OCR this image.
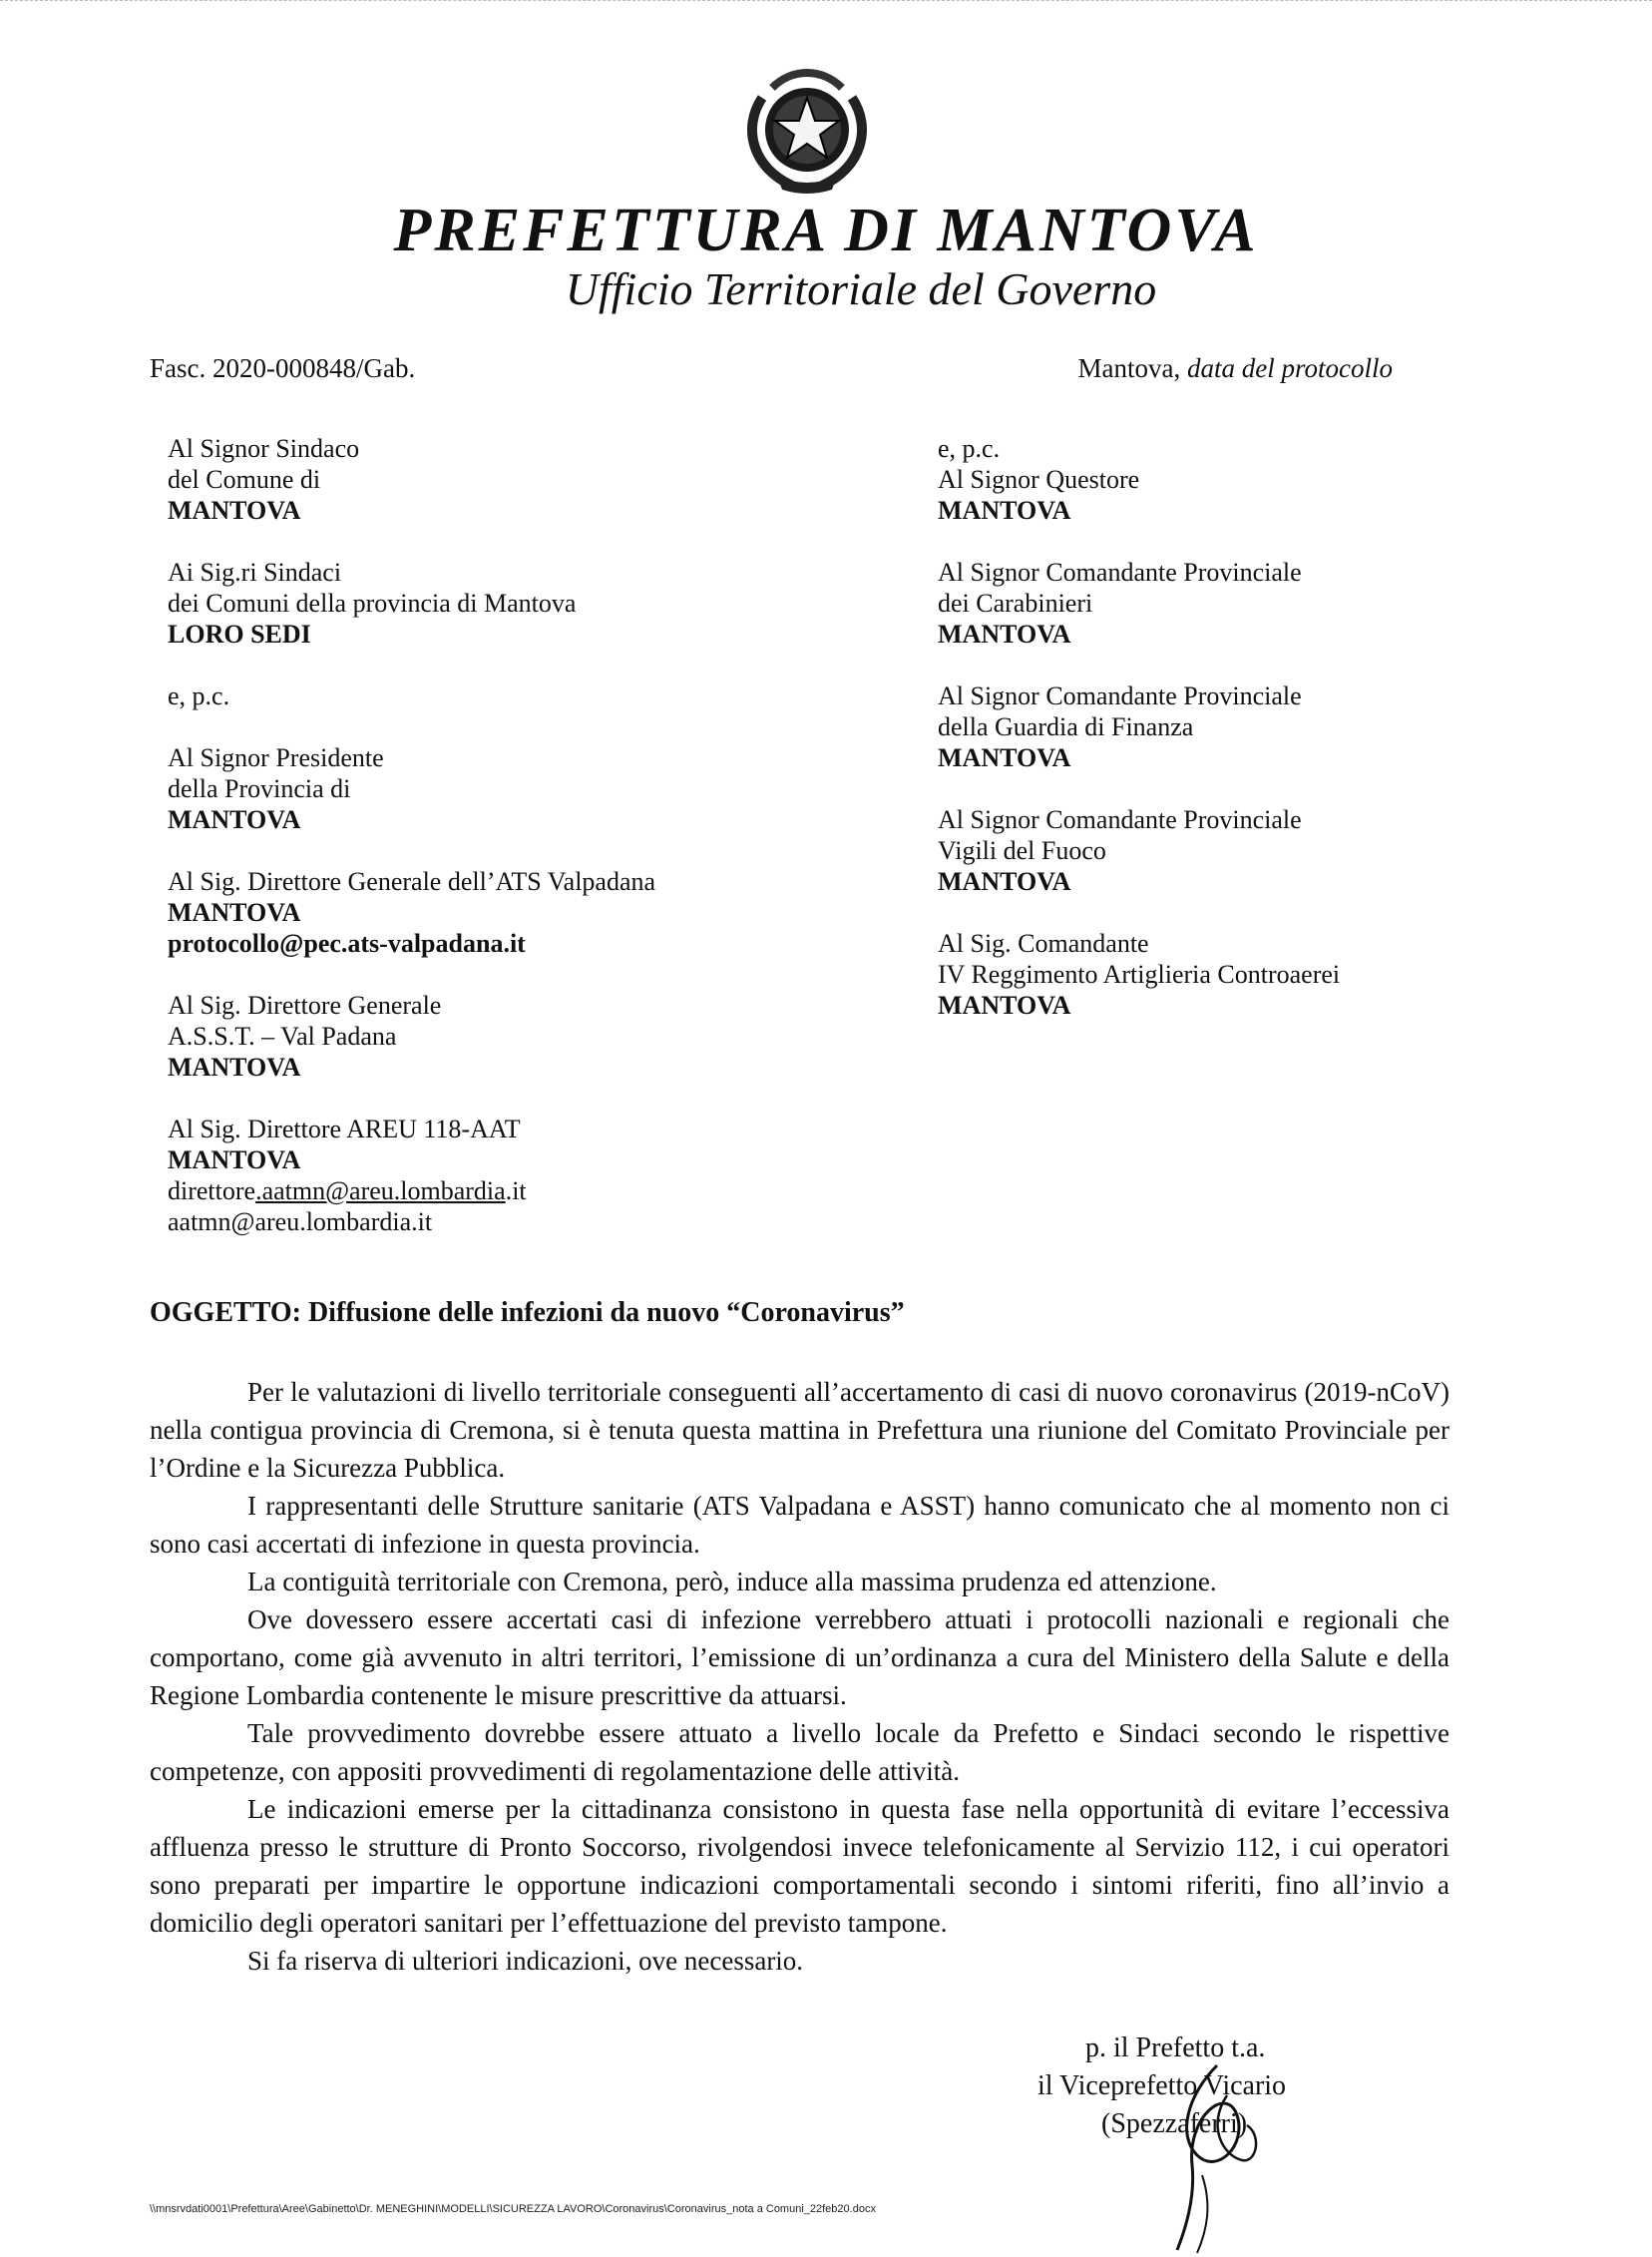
PREFETTURA DI MANTOVA
Ufficio Territoriale del Governo
Fasc. 2020-000848/Gab.	Mantova, data del protocollo
Al Signor Sindaco
del Comune di
MANTOVA
Ai Sig.ri Sindaci
dei Comuni della provincia di Mantova
LORO SEDI
e, p.c.
Al Signor Presidente
della Provincia di
MANTOVA
Al Sig. Direttore Generale dell’ATS Valpadana
MANTOVA
protocollo@pec.ats-valpadana.it
Al Sig. Direttore Generale
A.S.S.T. – Val Padana
MANTOVA
Al Sig. Direttore AREU 118-AAT
MANTOVA
direttore.aatmn@areu.lombardia.it
aatmn@areu.lombardia.it
e, p.c.
Al Signor Questore
MANTOVA
Al Signor Comandante Provinciale
dei Carabinieri
MANTOVA
Al Signor Comandante Provinciale
della Guardia di Finanza
MANTOVA
Al Signor Comandante Provinciale
Vigili del Fuoco
MANTOVA
Al Sig. Comandante
IV Reggimento Artiglieria Controaerei
MANTOVA
OGGETTO: Diffusione delle infezioni da nuovo “Coronavirus”

Per le valutazioni di livello territoriale conseguenti all’accertamento di casi di nuovo coronavirus (2019-nCoV) nella contigua provincia di Cremona, si è tenuta questa mattina in Prefettura una riunione del Comitato Provinciale per l’Ordine e la Sicurezza Pubblica.

I rappresentanti delle Strutture sanitarie (ATS Valpadana e ASST) hanno comunicato che al momento non ci sono casi accertati di infezione in questa provincia.

La contiguità territoriale con Cremona, però, induce alla massima prudenza ed attenzione.

Ove dovessero essere accertati casi di infezione verrebbero attuati i protocolli nazionali e regionali che comportano, come già avvenuto in altri territori, l’emissione di un’ordinanza a cura del Ministero della Salute e della Regione Lombardia contenente le misure prescrittive da attuarsi.

Tale provvedimento dovrebbe essere attuato a livello locale da Prefetto e Sindaci secondo le rispettive competenze, con appositi provvedimenti di regolamentazione delle attività.

Le indicazioni emerse per la cittadinanza consistono in questa fase nella opportunità di evitare l’eccessiva affluenza presso le strutture di Pronto Soccorso, rivolgendosi invece telefonicamente al Servizio 112, i cui operatori sono preparati per impartire le opportune indicazioni comportamentali secondo i sintomi riferiti, fino all’invio a domicilio degli operatori sanitari per l’effettuazione del previsto tampone.

Si fa riserva di ulteriori indicazioni, ove necessario.

p. il Prefetto t.a.
il Viceprefetto Vicario
(Spezzaferri)
\\mnsrvdati0001\Prefettura\Aree\Gabinetto\Dr. MENEGHINI\MODELLI\SICUREZZA LAVORO\Coronavirus\Coronavirus_nota a Comuni_22feb20.docx
